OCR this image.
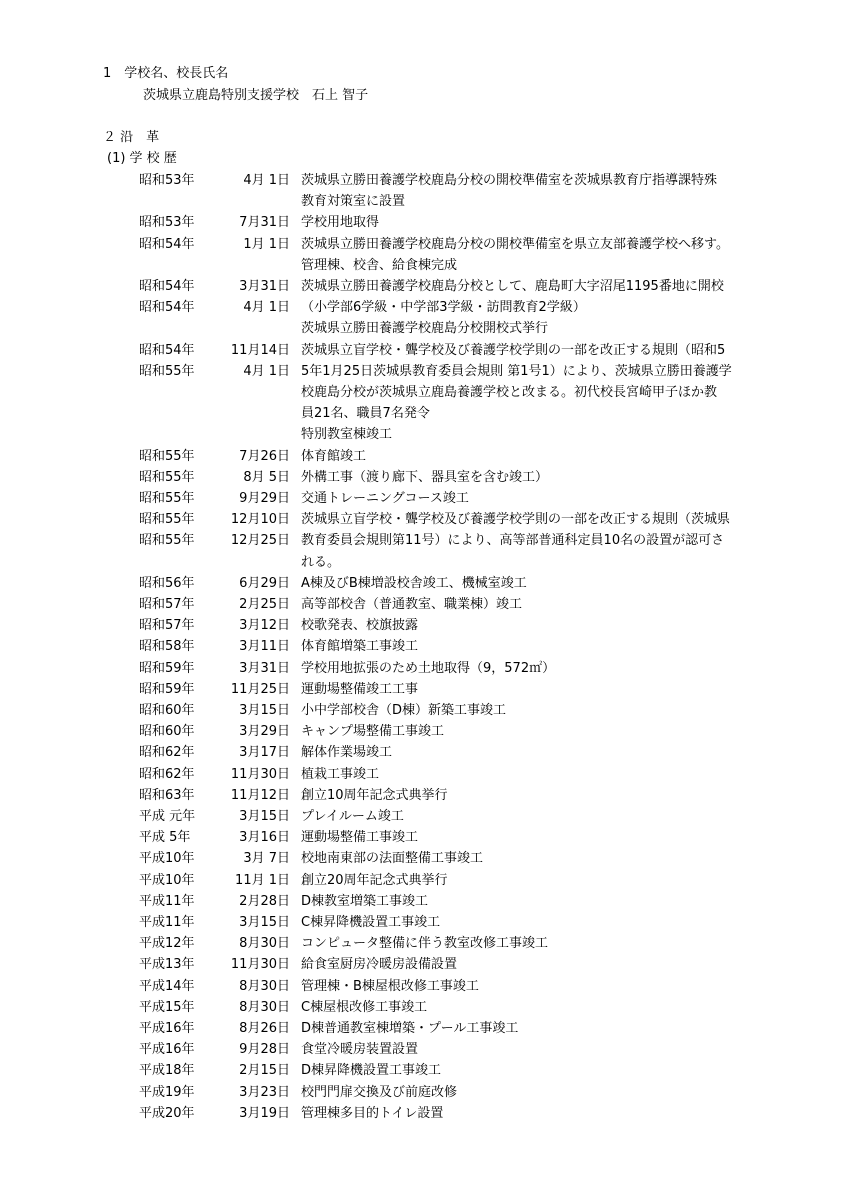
1　学校名、校長氏名
茨城県立鹿島特別支援学校　石上 智子
２ 沿　革
(1) 学 校 歴
昭和53年	4月 1日 茨城県立勝田養護学校鹿島分校の開校準備室を茨城県教育庁指導課特殊
教育対策室に設置
昭和53年	7月31日 学校用地取得
昭和54年	1月 1日 茨城県立勝田養護学校鹿島分校の開校準備室を県立友部養護学校へ移す。
管理棟、校舎、給食棟完成
昭和54年	3月31日 茨城県立勝田養護学校鹿島分校として、鹿島町大字沼尾1195番地に開校
昭和54年	4月 1日 （小学部6学級・中学部3学級・訪問教育2学級）
茨城県立勝田養護学校鹿島分校開校式挙行
昭和54年	11月14日 茨城県立盲学校・聾学校及び養護学校学則の一部を改正する規則（昭和5
昭和55年	4月 1日 5年1月25日茨城県教育委員会規則 第1号1）により、茨城県立勝田養護学
校鹿島分校が茨城県立鹿島養護学校と改まる。初代校長宮崎甲子ほか教
員21名、職員7名発令
特別教室棟竣工
昭和55年	7月26日 体育館竣工
昭和55年	8月 5日 外構工事（渡り廊下、器具室を含む竣工）
昭和55年	9月29日 交通トレーニングコース竣工
昭和55年	12月10日 茨城県立盲学校・聾学校及び養護学校学則の一部を改正する規則（茨城県
昭和55年	12月25日 教育委員会規則第11号）により、高等部普通科定員10名の設置が認可さ
れる。
昭和56年	6月29日 A棟及びB棟増設校舎竣工、機械室竣工
昭和57年	2月25日 高等部校舎（普通教室、職業棟）竣工
昭和57年	3月12日 校歌発表、校旗披露
昭和58年	3月11日 体育館増築工事竣工
昭和59年	3月31日 学校用地拡張のため土地取得（9，572㎡）
昭和59年	11月25日 運動場整備竣工工事
昭和60年	3月15日 小中学部校舎（D棟）新築工事竣工
昭和60年	3月29日 キャンプ場整備工事竣工
昭和62年	3月17日 解体作業場竣工
昭和62年	11月30日 植栽工事竣工
昭和63年	11月12日 創立10周年記念式典挙行
平成 元年	3月15日 プレイルーム竣工
平成 5年	3月16日 運動場整備工事竣工
平成10年	3月 7日 校地南東部の法面整備工事竣工
平成10年	11月 1日 創立20周年記念式典挙行
平成11年	2月28日 D棟教室増築工事竣工
平成11年	3月15日 C棟昇降機設置工事竣工
平成12年	8月30日 コンピュータ整備に伴う教室改修工事竣工
平成13年	11月30日 給食室厨房冷暖房設備設置
平成14年	8月30日 管理棟・B棟屋根改修工事竣工
平成15年	8月30日 C棟屋根改修工事竣工
平成16年	8月26日 D棟普通教室棟増築・プール工事竣工
平成16年	9月28日 食堂冷暖房装置設置
平成18年	2月15日 D棟昇降機設置工事竣工
平成19年	3月23日 校門門扉交換及び前庭改修
平成20年	3月19日 管理棟多目的トイレ設置
